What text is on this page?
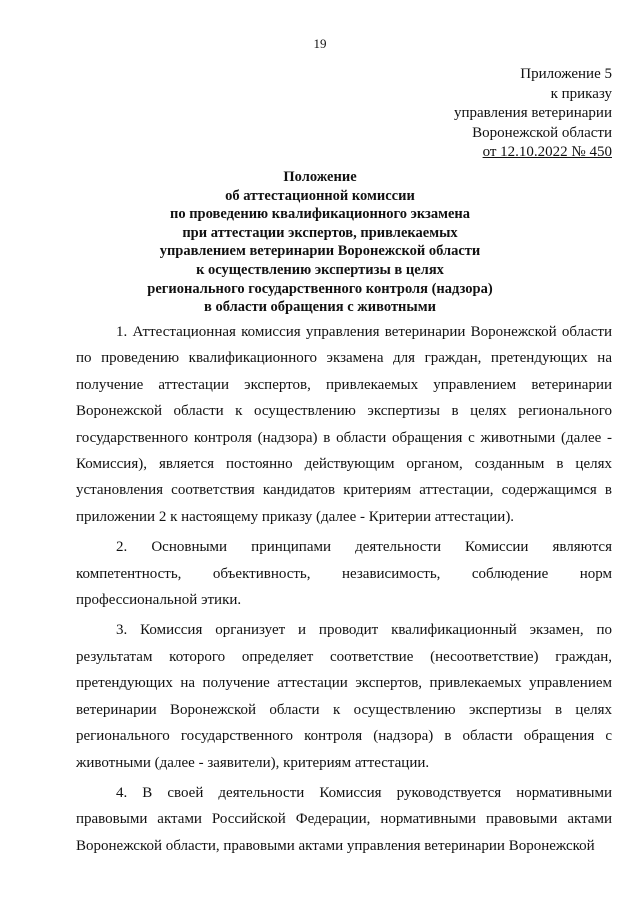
19
Приложение 5
к приказу
управления ветеринарии
Воронежской области
от 12.10.2022 № 450
Положение
об аттестационной комиссии
по проведению квалификационного экзамена
при аттестации экспертов, привлекаемых
управлением ветеринарии Воронежской области
к осуществлению экспертизы в целях
регионального государственного контроля (надзора)
в области обращения с животными

1. Аттестационная комиссия управления ветеринарии Воронежской области по проведению квалификационного экзамена для граждан, претендующих на получение аттестации экспертов, привлекаемых управлением ветеринарии Воронежской области к осуществлению экспертизы в целях регионального государственного контроля (надзора) в области обращения с животными (далее - Комиссия), является постоянно действующим органом, созданным в целях установления соответствия кандидатов критериям аттестации, содержащимся в приложении 2 к настоящему приказу (далее - Критерии аттестации).

2. Основными принципами деятельности Комиссии являются компетентность, объективность, независимость, соблюдение норм профессиональной этики.

3. Комиссия организует и проводит квалификационный экзамен, по результатам которого определяет соответствие (несоответствие) граждан, претендующих на получение аттестации экспертов, привлекаемых управлением ветеринарии Воронежской области к осуществлению экспертизы в целях регионального государственного контроля (надзора) в области обращения с животными (далее - заявители), критериям аттестации.

4. В своей деятельности Комиссия руководствуется нормативными правовыми актами Российской Федерации, нормативными правовыми актами Воронежской области, правовыми актами управления ветеринарии Воронежской
